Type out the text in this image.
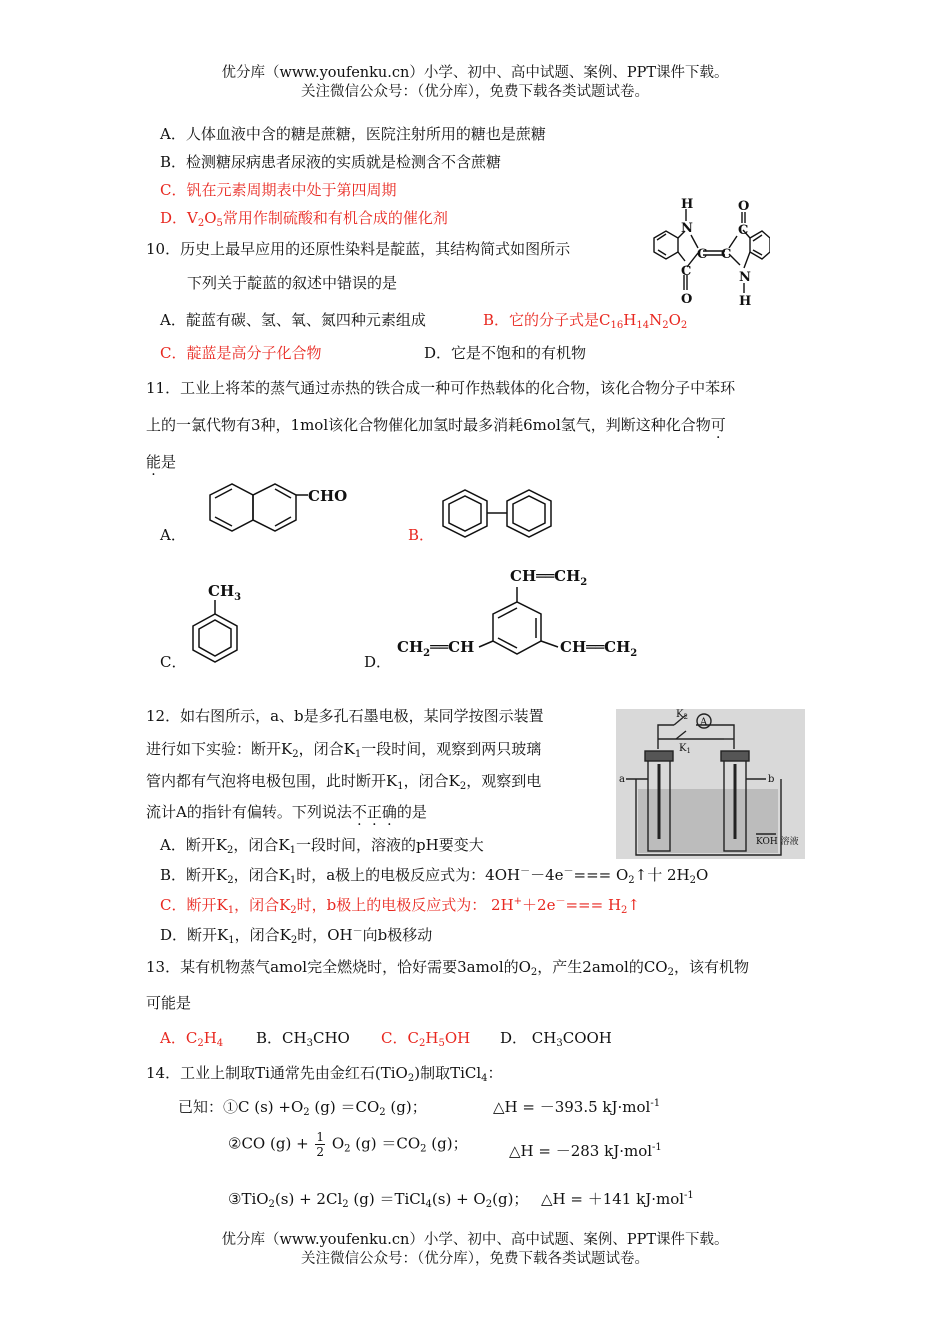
优分库（www.youfenku.cn）小学、初中、高中试题、案例、PPT课件下载。
关注微信公众号：（优分库），免费下载各类试题试卷。
A．人体血液中含的糖是蔗糖，医院注射所用的糖也是蔗糖
B．检测糖尿病患者尿液的实质就是检测含不含蔗糖
C．钒在元素周期表中处于第四周期
D．$V_2O_5$常用作制硫酸和有机合成的催化剂
10．历史上最早应用的还原性染料是靛蓝，其结构简式如图所示
下列关于靛蓝的叙述中错误的是
A．靛蓝有碳、氢、氧、氮四种元素组成	B．它的分子式是$C_{16}H_{14}N_2O_2$
C．靛蓝是高分子化合物	D．它是不饱和的有机物
H
N
C
O
C C
O
C
N
H
11．工业上将苯的蒸气通过赤热的铁合成一种可作热载体的化合物，该化合物分子中苯环
上的一氯代物有3种，1mol该化合物催化加氢时最多消耗6mol氢气，判断这种化合物可
能是
A．
CHO
B．
C．
$CH_3$
D．
$CH══CH_2$
$CH_2══CH$	$CH══CH_2$
12．如右图所示，a、b是多孔石墨电极，某同学按图示装置
进行如下实验：断开$K_2$，闭合$K_1$一段时间，观察到两只玻璃
管内都有气泡将电极包围，此时断开$K_1$，闭合$K_2$，观察到电
流计A的指针有偏转。下列说法不正确的是
A．断开$K_2$，闭合$K_1$一段时间，溶液的pH要变大
B．断开$K_2$，闭合$K_1$时，a极上的电极反应式为：$4OH^--4e^-=== O_2↑$十 $2H_2O$
C．断开$K_1$，闭合$K_2$时，b极上的电极反应式为： $2H^++2e^-=== H_2↑$
D．断开$K_1$，闭合$K_2$时，OH－向b极移动
$K_2$
$K_1$
A
a	b
KOH 溶液
13．某有机物蒸气amol完全燃烧时，恰好需要3amol的$O_2$，产生2amol的$CO_2$，该有机物
可能是
A．$C_2H_4$ B．$CH_3CHO$ C．$C_2H_5OH$ D． $CH_3COOH$
14．工业上制取Ti通常先由金红石(TiO$_2$)制取TiCl$_4$：
已知：①C $(s) +O_2$ $(g) =CO_2$ (g)；	△H = －393.5 kJ·mol$^{-1}$
②CO $(g) + \frac{1}{2} O_2$ $(g) =CO_2$ (g)；	△H = －283 kJ·mol$^{-1}$
③TiO$_2$(s) + $2Cl_2$ (g) ＝TiCl$_4$(s) + $O_2(g)$； △H = ＋141 kJ·mol$^{-1}$
优分库（www.youfenku.cn）小学、初中、高中试题、案例、PPT课件下载。
关注微信公众号：（优分库），免费下载各类试题试卷。
